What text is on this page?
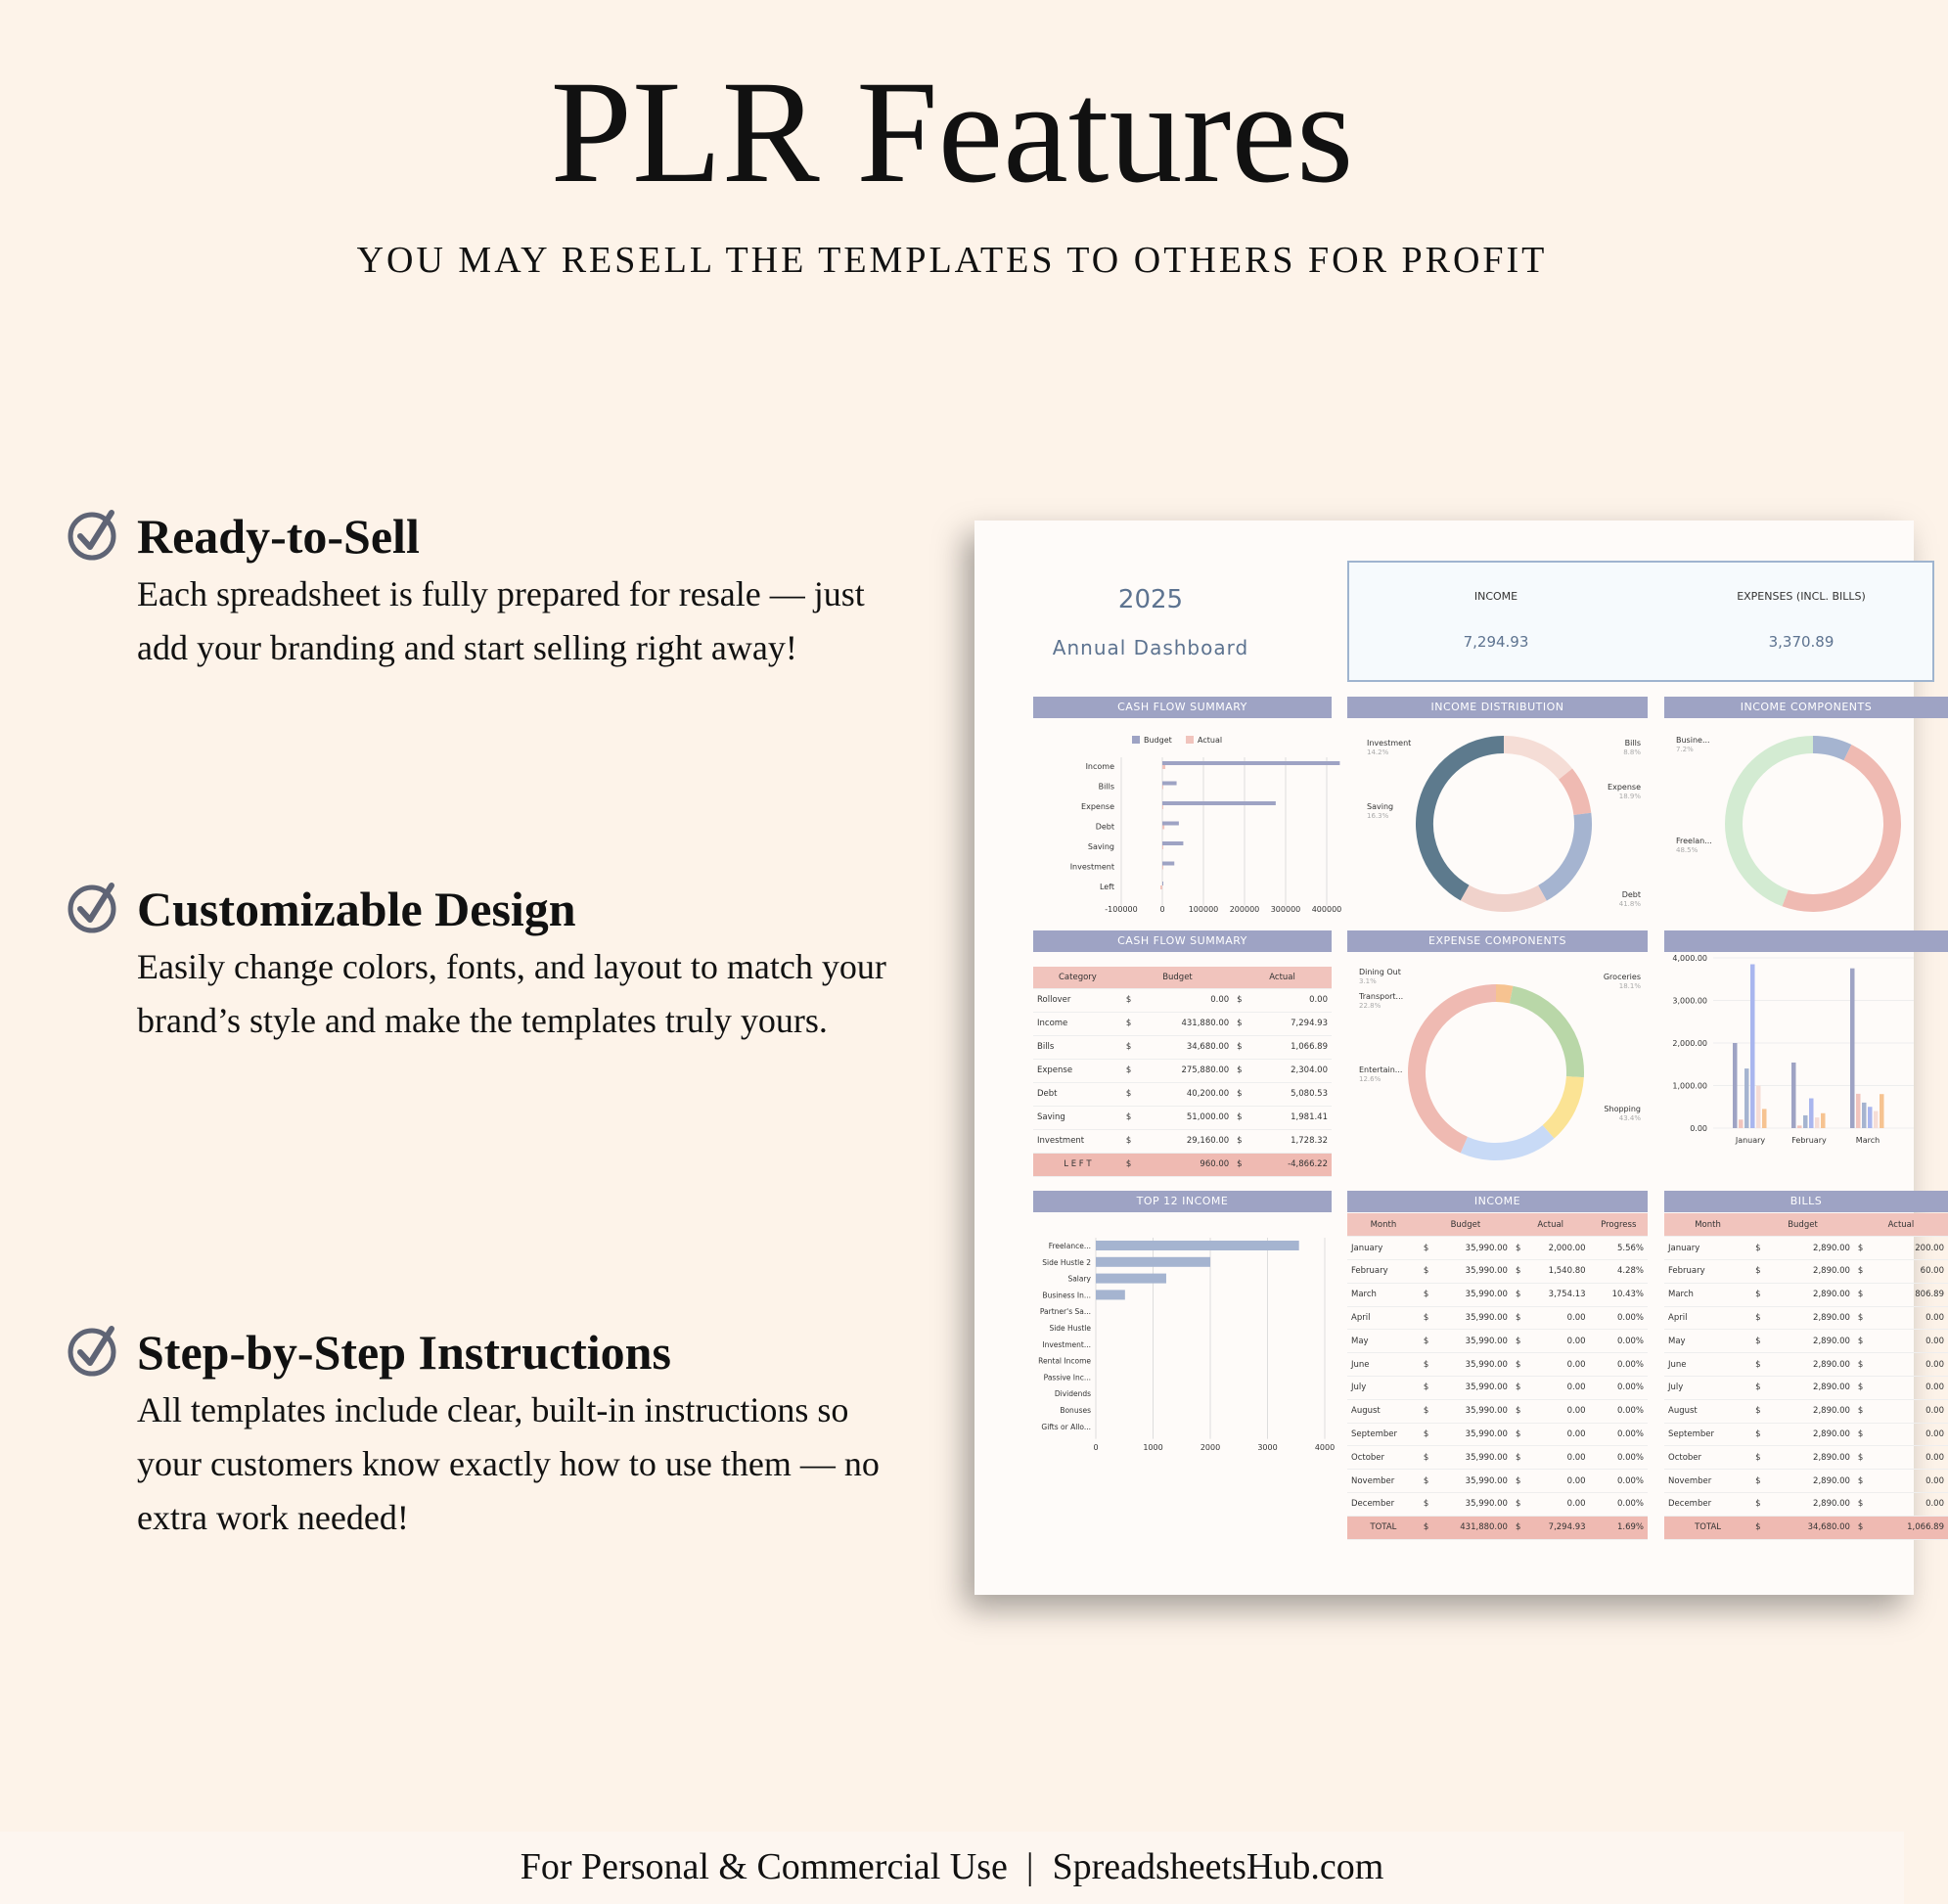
PLR Features
YOU MAY RESELL THE TEMPLATES TO OTHERS FOR PROFIT
Ready-to-Sell

Each spreadsheet is fully prepared for resale — just add your branding and start selling right away!

Customizable Design

Easily change colors, fonts, and layout to match your brand’s style and make the templates truly yours.

Step-by-Step Instructions

All templates include clear, built-in instructions so your customers know exactly how to use them — no extra work needed!

2025
Annual Dashboard
INCOME
7,294.93
EXPENSES (INCL. BILLS)
3,370.89
CASH FLOW SUMMARY	INCOME DISTRIBUTION	INCOME COMPONENTS
CASH FLOW SUMMARY	EXPENSE COMPONENTS
TOP 12 INCOME	INCOME	BILLS
Budget	Actual
-100000	0	100000 200000 300000 400000
Income
Bills
Expense
Debt
Saving
Investment
Left
Investment
14.2%
Bills
8.8%
Expense
18.9%
Saving
16.3%
Debt
41.8%
Busine...
7.2%
Freelan...
48.5%
Dining Out
3.1%
Transport...
22.8%
Entertain...
12.6%
Groceries
18.1%
Shopping
43.4%
4,000.00
3,000.00
2,000.00
1,000.00
0.00
January	February	March
0	1000	2000	3000	4000
Freelance...
Side Hustle 2
Salary
Business In...
Partner's Sa...
Side Hustle
Investment...
Rental Income
Passive Inc...
Dividends
Bonuses
Gifts or Allo...
Category	Budget		Actual	
Rollover	$	0.00	$	0.00
Income	$	431,880.00	$	7,294.93
Bills	$	34,680.00	$	1,066.89
Expense	$	275,880.00	$	2,304.00
Debt	$	40,200.00	$	5,080.53
Saving	$	51,000.00	$	1,981.41
Investment	$	29,160.00	$	1,728.32
L E F T	$	960.00	$	-4,866.22
Month	Budget		Actual		Progress
January	$	35,990.00	$	2,000.00	5.56%
February	$	35,990.00	$	1,540.80	4.28%
March	$	35,990.00	$	3,754.13	10.43%
April	$	35,990.00	$	0.00	0.00%
May	$	35,990.00	$	0.00	0.00%
June	$	35,990.00	$	0.00	0.00%
July	$	35,990.00	$	0.00	0.00%
August	$	35,990.00	$	0.00	0.00%
September	$	35,990.00	$	0.00	0.00%
October	$	35,990.00	$	0.00	0.00%
November	$	35,990.00	$	0.00	0.00%
December	$	35,990.00	$	0.00	0.00%
TOTAL	$	431,880.00	$	7,294.93	1.69%
Month	Budget		Actual	
January	$	2,890.00	$	200.00
February	$	2,890.00	$	60.00
March	$	2,890.00	$	806.89
April	$	2,890.00	$	0.00
May	$	2,890.00	$	0.00
June	$	2,890.00	$	0.00
July	$	2,890.00	$	0.00
August	$	2,890.00	$	0.00
September	$	2,890.00	$	0.00
October	$	2,890.00	$	0.00
November	$	2,890.00	$	0.00
December	$	2,890.00	$	0.00
TOTAL	$	34,680.00	$	1,066.89
For Personal & Commercial Use  |  SpreadsheetsHub.com
